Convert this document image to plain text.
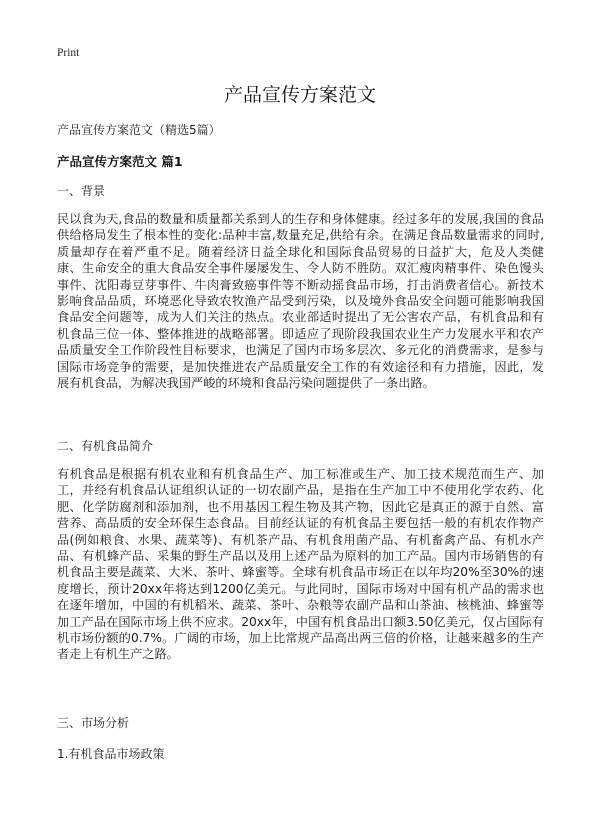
Print
产品宣传方案范文
产品宣传方案范文（精选5篇）
产品宣传方案范文 篇1
一、背景

民以食为天,食品的数量和质量都关系到人的生存和身体健康。经过多年的发展,我国的食品供给格局发生了根本性的变化:品种丰富,数量充足,供给有余。在满足食品数量需求的同时,质量却存在着严重不足。随着经济日益全球化和国际食品贸易的日益扩大，危及人类健康、生命安全的重大食品安全事件屡屡发生、令人防不胜防。双汇瘦肉精事件、染色馒头事件、沈阳毒豆芽事件、牛肉膏致癌事件等不断动摇食品市场，打击消费者信心。新技术影响食品品质，环境恶化导致农牧渔产品受到污染，以及境外食品安全问题可能影响我国食品安全问题等，成为人们关注的热点。农业部适时提出了无公害农产品，有机食品和有机食品三位一体、整体推进的战略部署。即适应了现阶段我国农业生产力发展水平和农产品质量安全工作阶段性目标要求，也满足了国内市场多层次、多元化的消费需求，是参与国际市场竞争的需要，是加快推进农产品质量安全工作的有效途径和有力措施，因此，发展有机食品，为解决我国严峻的环境和食品污染问题提供了一条出路。

二、有机食品简介

有机食品是根据有机农业和有机食品生产、加工标准或生产、加工技术规范而生产、加工，并经有机食品认证组织认证的一切农副产品，是指在生产加工中不使用化学农药、化肥、化学防腐剂和添加剂，也不用基因工程生物及其产物，因此它是真正的源于自然、富营养、高品质的安全环保生态食品。目前经认证的有机食品主要包括一般的有机农作物产品(例如粮食、水果、蔬菜等)、有机茶产品、有机食用菌产品、有机畜禽产品、有机水产品、有机蜂产品、采集的野生产品以及用上述产品为原料的加工产品。国内市场销售的有机食品主要是蔬菜、大米、茶叶、蜂蜜等。全球有机食品市场正在以年均20%至30%的速度增长，预计20xx年将达到1200亿美元。与此同时，国际市场对中国有机产品的需求也在逐年增加，中国的有机稻米、蔬菜、茶叶、杂粮等农副产品和山茶油、核桃油、蜂蜜等加工产品在国际市场上供不应求。20xx年，中国有机食品出口额3.50亿美元，仅占国际有机市场份额的0.7%。广阔的市场，加上比常规产品高出两三倍的价格，让越来越多的生产者走上有机生产之路。

三、市场分析
1.有机食品市场政策
